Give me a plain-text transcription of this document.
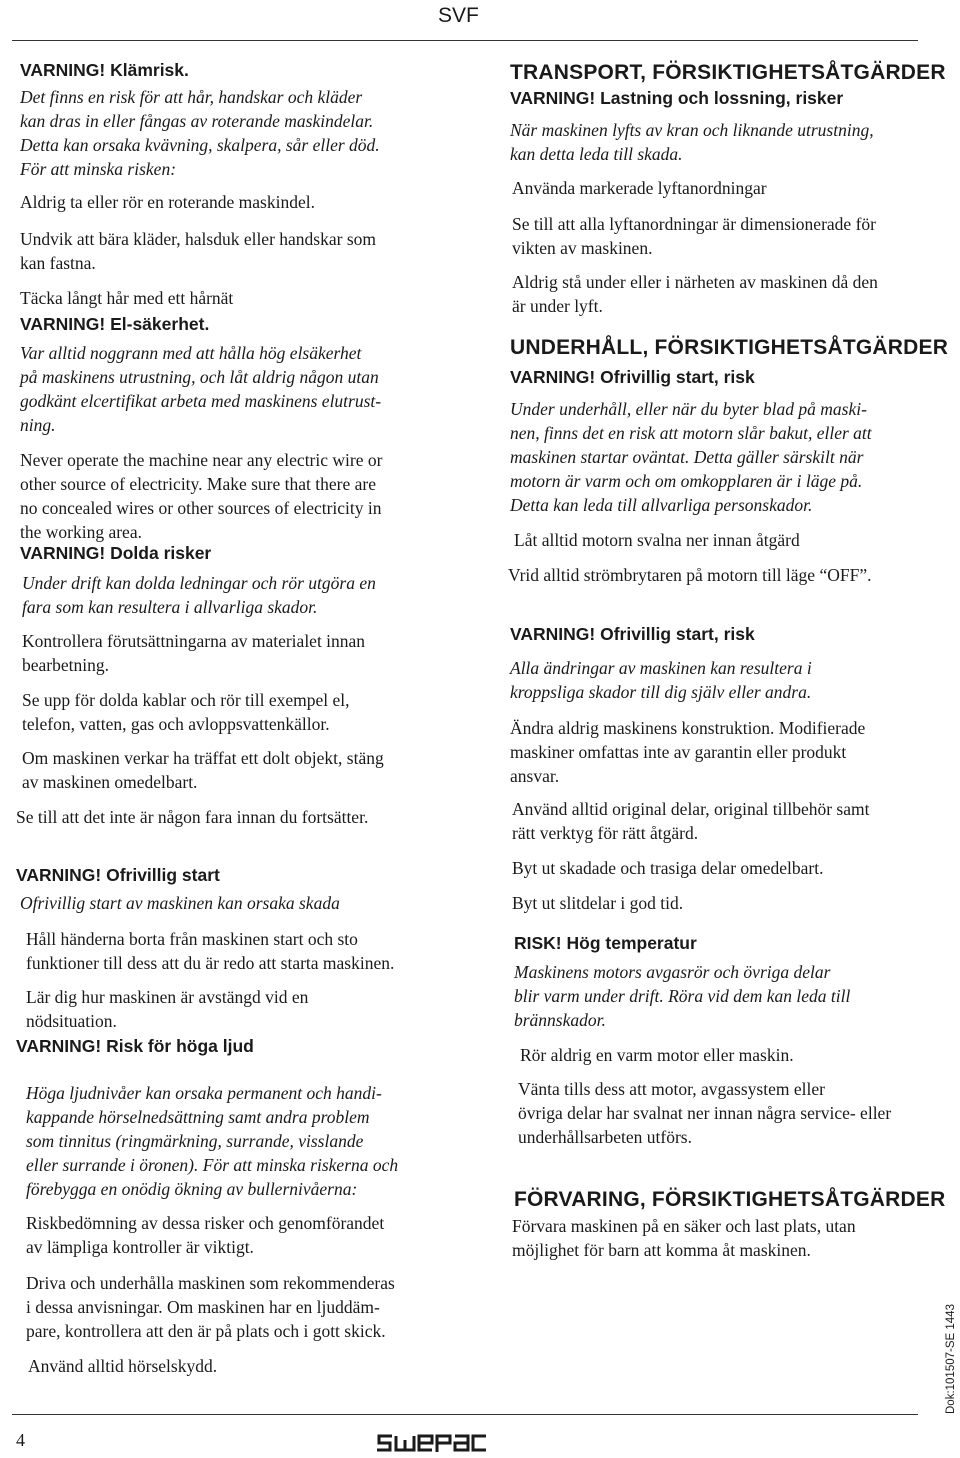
SVF
VARNING! Klämrisk.
Det finns en risk för att hår, handskar och kläder
kan dras in eller fångas av roterande maskindelar.
Detta kan orsaka kvävning, skalpera, sår eller död.
För att minska risken:
Aldrig ta eller rör en roterande maskindel.
Undvik att bära kläder, halsduk eller handskar som
kan fastna.
Täcka långt hår med ett hårnät
VARNING! El-säkerhet.
Var alltid noggrann med att hålla hög elsäkerhet
på maskinens utrustning, och låt aldrig någon utan
godkänt elcertifikat arbeta med maskinens elutrust-
ning.
Never operate the machine near any electric wire or
other source of electricity. Make sure that there are
no concealed wires or other sources of electricity in
the working area.
VARNING! Dolda risker
Under drift kan dolda ledningar och rör utgöra en
fara som kan resultera i allvarliga skador.
Kontrollera förutsättningarna av materialet innan
bearbetning.
Se upp för dolda kablar och rör till exempel el,
telefon, vatten, gas och avloppsvattenkällor.
Om maskinen verkar ha träffat ett dolt objekt, stäng
av maskinen omedelbart.
Se till att det inte är någon fara innan du fortsätter.
VARNING! Ofrivillig start
Ofrivillig start av maskinen kan orsaka skada
Håll händerna borta från maskinen start och sto
funktioner till dess att du är redo att starta maskinen.
Lär dig hur maskinen är avstängd vid en
nödsituation.
VARNING! Risk för höga ljud
Höga ljudnivåer kan orsaka permanent och handi-
kappande hörselnedsättning samt andra problem
som tinnitus (ringmärkning, surrande, visslande
eller surrande i öronen). För att minska riskerna och
förebygga en onödig ökning av bullernivåerna:
Riskbedömning av dessa risker och genomförandet
av lämpliga kontroller är viktigt.
Driva och underhålla maskinen som rekommenderas
i dessa anvisningar. Om maskinen har en ljuddäm-
pare, kontrollera att den är på plats och i gott skick.
Använd alltid hörselskydd.
TRANSPORT, FÖRSIKTIGHETSÅTGÄRDER
VARNING! Lastning och lossning, risker
När maskinen lyfts av kran och liknande utrustning,
kan detta leda till skada.
Använda markerade lyftanordningar
Se till att alla lyftanordningar är dimensionerade för
vikten av maskinen.
Aldrig stå under eller i närheten av maskinen då den
är under lyft.
UNDERHÅLL, FÖRSIKTIGHETSÅTGÄRDER
VARNING! Ofrivillig start, risk
Under underhåll, eller när du byter blad på maski-
nen, finns det en risk att motorn slår bakut, eller att
maskinen startar oväntat. Detta gäller särskilt när
motorn är varm och om omkopplaren är i läge på.
Detta kan leda till allvarliga personskador.
Låt alltid motorn svalna ner innan åtgärd
Vrid alltid strömbrytaren på motorn till läge “OFF”.
VARNING! Ofrivillig start, risk
Alla ändringar av maskinen kan resultera i
kroppsliga skador till dig själv eller andra.
Ändra aldrig maskinens konstruktion. Modifierade
maskiner omfattas inte av garantin eller produkt
ansvar.
Använd alltid original delar, original tillbehör samt
rätt verktyg för rätt åtgärd.
Byt ut skadade och trasiga delar omedelbart.
Byt ut slitdelar i god tid.
RISK! Hög temperatur
Maskinens motors avgasrör och övriga delar
blir varm under drift. Röra vid dem kan leda till
brännskador.
Rör aldrig en varm motor eller maskin.
Vänta tills dess att motor, avgassystem eller
övriga delar har svalnat ner innan några service- eller
underhållsarbeten utförs.
FÖRVARING, FÖRSIKTIGHETSÅTGÄRDER
Förvara maskinen på en säker och last plats, utan
möjlighet för barn att komma åt maskinen.
4
Dok:101507-SE 1443
